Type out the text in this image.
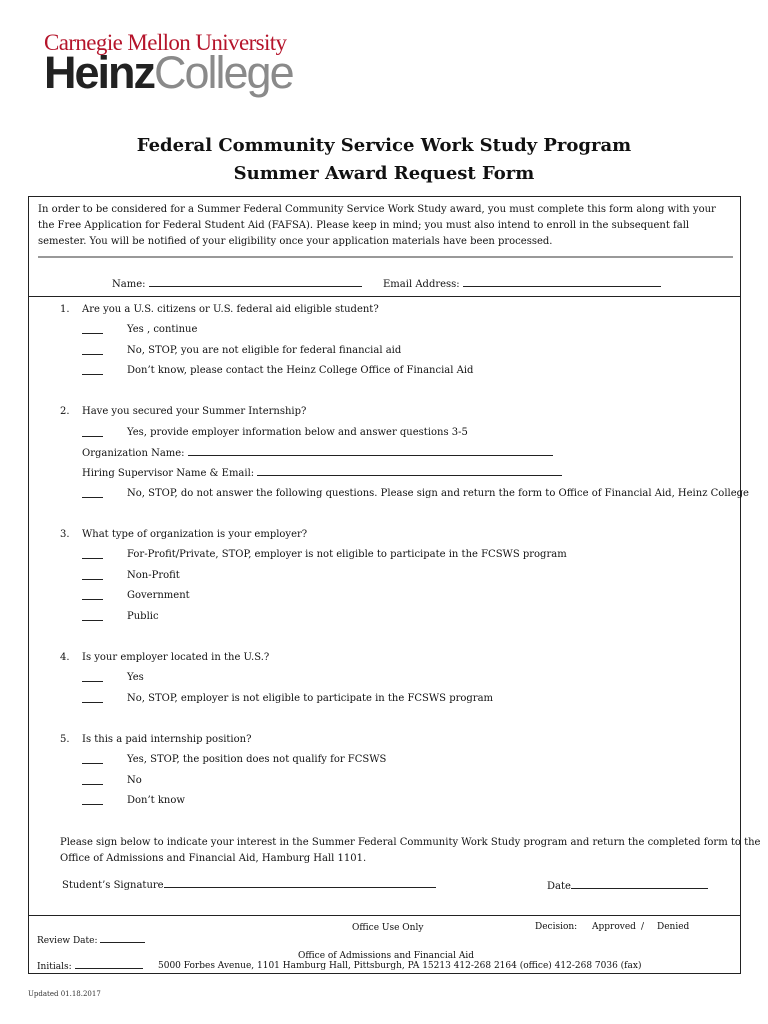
Carnegie Mellon University
HeinzCollege
Federal Community Service Work Study Program
Summer Award Request Form
In order to be considered for a Summer Federal Community Service Work Study award, you must complete this form along with your the Free Application for Federal Student Aid (FAFSA). Please keep in mind; you must also intend to enroll in the subsequent fall semester. You will be notified of your eligibility once your application materials have been processed.
Name:	Email Address:
1. Are you a U.S. citizens or U.S. federal aid eligible student?
Yes , continue
No, STOP, you are not eligible for federal financial aid
Don’t know, please contact the Heinz College Office of Financial Aid
2. Have you secured your Summer Internship?
Yes, provide employer information below and answer questions 3-5
Organization Name:
Hiring Supervisor Name & Email:
No, STOP, do not answer the following questions. Please sign and return the form to Office of Financial Aid, Heinz College
3. What type of organization is your employer?
For-Profit/Private, STOP, employer is not eligible to participate in the FCSWS program
Non-Profit
Government
Public
4. Is your employer located in the U.S.?
Yes
No, STOP, employer is not eligible to participate in the FCSWS program
5. Is this a paid internship position?
Yes, STOP, the position does not qualify for FCSWS
No
Don’t know
Please sign below to indicate your interest in the Summer Federal Community Work Study program and return the completed form to the
Office of Admissions and Financial Aid, Hamburg Hall 1101.
Student’s Signature	Date
Office Use Only	Decision: Approved / Denied
Review Date:
Office of Admissions and Financial Aid
Initials:	5000 Forbes Avenue, 1101 Hamburg Hall, Pittsburgh, PA 15213 412-268 2164 (office) 412-268 7036 (fax)
Updated 01.18.2017
